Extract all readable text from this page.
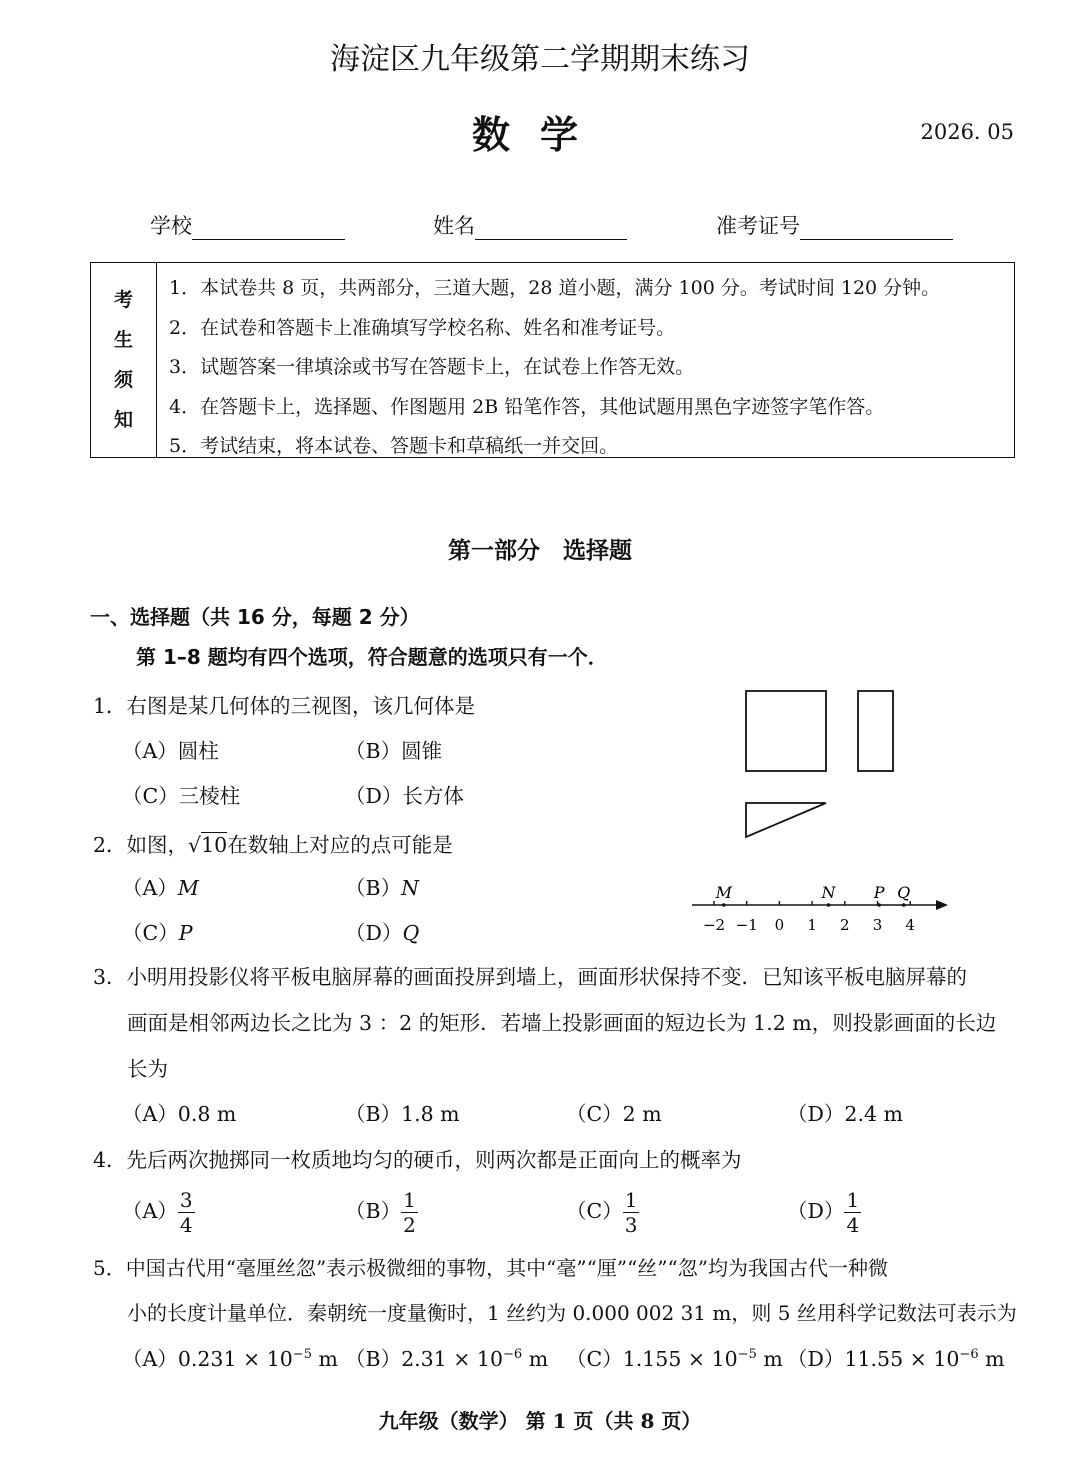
海淀区九年级第二学期期末练习
数学	2026. 05
学校	姓名	准考证号
考
生
须
知
1．本试卷共 8 页，共两部分，三道大题，28 道小题，满分 100 分。考试时间 120 分钟。
2．在试卷和答题卡上准确填写学校名称、姓名和准考证号。
3．试题答案一律填涂或书写在答题卡上，在试卷上作答无效。
4．在答题卡上，选择题、作图题用 2B 铅笔作答，其他试题用黑色字迹签字笔作答。
5．考试结束，将本试卷、答题卡和草稿纸一并交回。
第一部分　选择题
一、选择题（共 16 分，每题 2 分）
第 1–8 题均有四个选项，符合题意的选项只有一个．
1．右图是某几何体的三视图，该几何体是
（A）圆柱	（B）圆锥
（C）三棱柱	（D）长方体
2．如图，√10在数轴上对应的点可能是
（A）M	（B）N
（C）P	（D）Q	−2 −1 0 1 2 3 4
M	N P Q
3．小明用投影仪将平板电脑屏幕的画面投屏到墙上，画面形状保持不变．已知该平板电脑屏幕的
画面是相邻两边长之比为 3 ：2 的矩形．若墙上投影画面的短边长为 1.2 m，则投影画面的长边
长为
（A）0.8 m	（B）1.8 m	（C）2 m	（D）2.4 m
4．先后两次抛掷同一枚质地均匀的硬币，则两次都是正面向上的概率为
$(A) \frac{3}{4}$	$(B) \frac{1}{2}$	$(C) \frac{1}{3}$	$(D) \frac{1}{4}$
5．中国古代用“毫厘丝忽”表示极微细的事物，其中“毫”“厘”“丝”“忽”均为我国古代一种微
小的长度计量单位．秦朝统一度量衡时，1 丝约为 0.000 002 31 m，则 5 丝用科学记数法可表示为
$(A)0.231 \times 10^{-5}$ m $(B)2.31 \times 10^{-6}$ m $(C)1.155 \times 10^{-5}$ m $(D)11.55 \times 10^{-6}$ m
九年级（数学） 第 1 页（共 8 页）
